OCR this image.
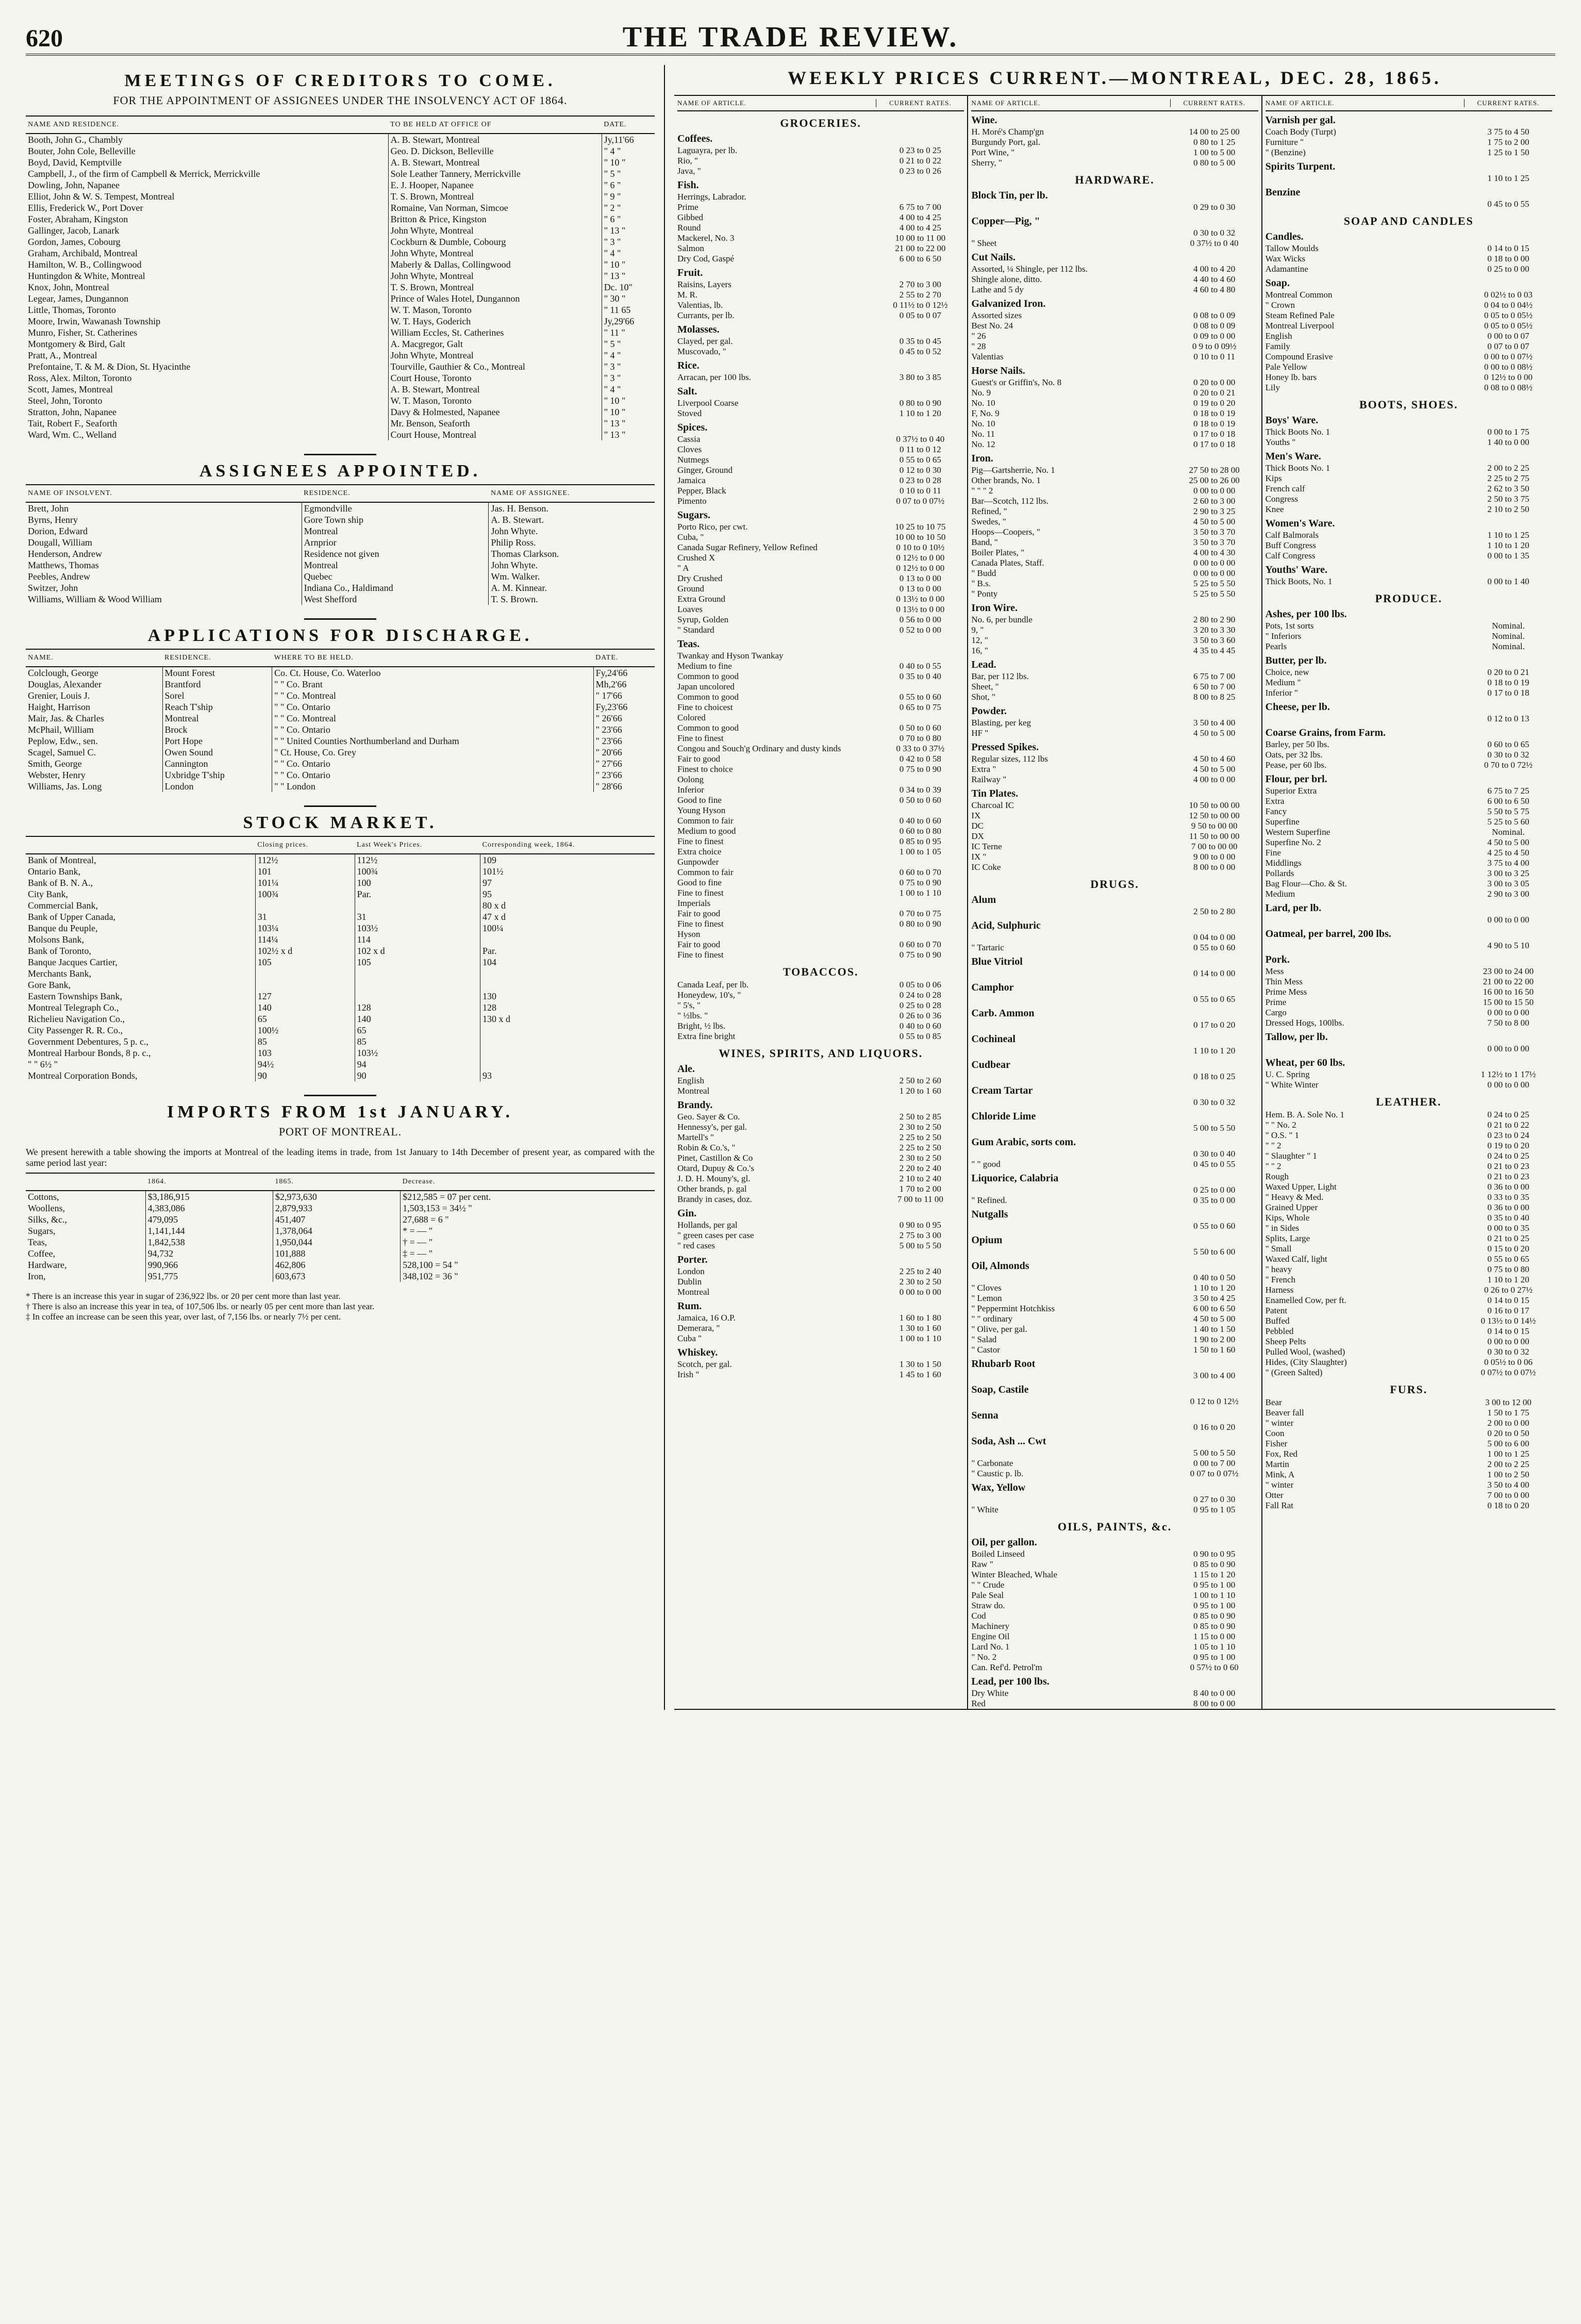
620	THE TRADE REVIEW.
MEETINGS OF CREDITORS TO COME.
FOR THE APPOINTMENT OF ASSIGNEES UNDER THE INSOLVENCY ACT OF 1864.
NAME AND RESIDENCE.	TO BE HELD AT OFFICE OF	DATE.
Booth, John G., Chambly	A. B. Stewart, Montreal	Jy,11'66
Bouter, John Cole, Belleville	Geo. D. Dickson, Belleville	" 4 "
Boyd, David, Kemptville	A. B. Stewart, Montreal	" 10 "
Campbell, J., of the firm of Campbell & Merrick, Merrickville	Sole Leather Tannery, Merrickville	" 5 "
Dowling, John, Napanee	E. J. Hooper, Napanee	" 6 "
Elliot, John & W. S. Tempest, Montreal	T. S. Brown, Montreal	" 9 "
Ellis, Frederick W., Port Dover	Romaine, Van Norman, Simcoe	" 2 "
Foster, Abraham, Kingston	Britton & Price, Kingston	" 6 "
Gallinger, Jacob, Lanark	John Whyte, Montreal	" 13 "
Gordon, James, Cobourg	Cockburn & Dumble, Cobourg	" 3 "
Graham, Archibald, Montreal	John Whyte, Montreal	" 4 "
Hamilton, W. B., Collingwood	Maberly & Dallas, Collingwood	" 10 "
Huntingdon & White, Montreal	John Whyte, Montreal	" 13 "
Knox, John, Montreal	T. S. Brown, Montreal	Dc. 10"
Legear, James, Dungannon	Prince of Wales Hotel, Dungannon	" 30 "
Little, Thomas, Toronto	W. T. Mason, Toronto	" 11 65
Moore, Irwin, Wawanash Township	W. T. Hays, Goderich	Jy,29'66
Munro, Fisher, St. Catherines	William Eccles, St. Catherines	" 11 "
Montgomery & Bird, Galt	A. Macgregor, Galt	" 5 "
Pratt, A., Montreal	John Whyte, Montreal	" 4 "
Prefontaine, T. & M. & Dion, St. Hyacinthe	Tourville, Gauthier & Co., Montreal	" 3 "
Ross, Alex. Milton, Toronto	Court House, Toronto	" 3 "
Scott, James, Montreal	A. B. Stewart, Montreal	" 4 "
Steel, John, Toronto	W. T. Mason, Toronto	" 10 "
Stratton, John, Napanee	Davy & Holmested, Napanee	" 10 "
Tait, Robert F., Seaforth	Mr. Benson, Seaforth	" 13 "
Ward, Wm. C., Welland	Court House, Montreal	" 13 "
ASSIGNEES APPOINTED.
NAME OF INSOLVENT.	RESIDENCE.	NAME OF ASSIGNEE.
Brett, John	Egmondville	Jas. H. Benson.
Byrns, Henry	Gore Town ship	A. B. Stewart.
Dorion, Edward	Montreal	John Whyte.
Dougall, William	Arnprior	Philip Ross.
Henderson, Andrew	Residence not given	Thomas Clarkson.
Matthews, Thomas	Montreal	John Whyte.
Peebles, Andrew	Quebec	Wm. Walker.
Switzer, John	Indiana Co., Haldimand	A. M. Kinnear.
Williams, William & Wood William	West Shefford	T. S. Brown.
APPLICATIONS FOR DISCHARGE.
NAME.	RESIDENCE.	WHERE TO BE HELD.	DATE.
Colclough, George	Mount Forest	Co. Ct. House, Co. Waterloo	Fy,24'66
Douglas, Alexander	Brantford	" " Co. Brant	Mh,2'66
Grenier, Louis J.	Sorel	" " Co. Montreal	" 17'66
Haight, Harrison	Reach T'ship	" " Co. Ontario	Fy,23'66
Mair, Jas. & Charles	Montreal	" " Co. Montreal	" 26'66
McPhail, William	Brock	" " Co. Ontario	" 23'66
Peplow, Edw., sen.	Port Hope	" " United Counties Northumberland and Durham	" 23'66
Scagel, Samuel C.	Owen Sound	" Ct. House, Co. Grey	" 20'66
Smith, George	Cannington	" " Co. Ontario	" 27'66
Webster, Henry	Uxbridge T'ship	" " Co. Ontario	" 23'66
Williams, Jas. Long	London	" " London	" 28'66
STOCK MARKET.
	Closing prices.	Last Week's Prices.	Corresponding week, 1864.
Bank of Montreal,	112½	112½	109
Ontario Bank,	101	100¾	101½
Bank of B. N. A.,	101¼	100	97
City Bank,	100¾	Par.	95
Commercial Bank,			80 x d
Bank of Upper Canada,	31	31	47 x d
Banque du Peuple,	103¼	103½	100¼
Molsons Bank,	114¼	114	
Bank of Toronto,	102½ x d	102 x d	Par.
Banque Jacques Cartier,	105	105	104
Merchants Bank,			
Gore Bank,			
Eastern Townships Bank,	127		130
Montreal Telegraph Co.,	140	128	128
Richelieu Navigation Co.,	65	140	130 x d
City Passenger R. R. Co.,	100½	65	
Government Debentures, 5 p. c.,	85	85	
Montreal Harbour Bonds, 8 p. c.,	103	103½	
" " 6½ "	94½	94	
Montreal Corporation Bonds,	90	90	93
IMPORTS FROM 1st JANUARY.
PORT OF MONTREAL.
We present herewith a table showing the imports at Montreal of the leading items in trade, from 1st January to 14th December of present year, as compared with the same period last year:
	1864.	1865.	Decrease.
Cottons,	$3,186,915	$2,973,630	$212,585 = 07 per cent.
Woollens,	4,383,086	2,879,933	1,503,153 = 34½ "
Silks, &c.,	479,095	451,407	27,688 = 6 "
Sugars,	1,141,144	1,378,064	* = — "
Teas,	1,842,538	1,950,044	† = — "
Coffee,	94,732	101,888	‡ = — "
Hardware,	990,966	462,806	528,100 = 54 "
Iron,	951,775	603,673	348,102 = 36 "
* There is an increase this year in sugar of 236,922 lbs. or 20 per cent more than last year.
† There is also an increase this year in tea, of 107,506 lbs. or nearly 05 per cent more than last year.
‡ In coffee an increase can be seen this year, over last, of 7,156 lbs. or nearly 7½ per cent.
WEEKLY PRICES CURRENT.—MONTREAL, DEC. 28, 1865.
NAME OF ARTICLE.	CURRENT RATES.
GROCERIES.
Coffees.
Laguayra, per lb.	0 23 to 0 25
Rio, "	0 21 to 0 22
Java, "	0 23 to 0 26
Fish.
Herrings, Labrador.
Prime	6 75 to 7 00
Gibbed	4 00 to 4 25
Round	4 00 to 4 25
Mackerel, No. 3	10 00 to 11 00
Salmon	21 00 to 22 00
Dry Cod, Gaspé	6 00 to 6 50
Fruit.
Raisins, Layers	2 70 to 3 00
M. R.	2 55 to 2 70
Valentias, lb.	0 11½ to 0 12½
Currants, per lb.	0 05 to 0 07
Molasses.
Clayed, per gal.	0 35 to 0 45
Muscovado, "	0 45 to 0 52
Rice.
Arracan, per 100 lbs.	3 80 to 3 85
Salt.
Liverpool Coarse	0 80 to 0 90
Stoved	1 10 to 1 20
Spices.
Cassia	0 37½ to 0 40
Cloves	0 11 to 0 12
Nutmegs	0 55 to 0 65
Ginger, Ground	0 12 to 0 30
Jamaica	0 23 to 0 28
Pepper, Black	0 10 to 0 11
Pimento	0 07 to 0 07½
Sugars.
Porto Rico, per cwt.	10 25 to 10 75
Cuba, "	10 00 to 10 50
Canada Sugar Refinery, Yellow Refined	0 10 to 0 10½
Crushed X	0 12½ to 0 00
" A	0 12½ to 0 00
Dry Crushed	0 13 to 0 00
Ground	0 13 to 0 00
Extra Ground	0 13½ to 0 00
Loaves	0 13½ to 0 00
Syrup, Golden	0 56 to 0 00
" Standard	0 52 to 0 00
Teas.
Twankay and Hyson Twankay
Medium to fine	0 40 to 0 55
Common to good	0 35 to 0 40
Japan uncolored
Common to good	0 55 to 0 60
Fine to choicest	0 65 to 0 75
Colored
Common to good	0 50 to 0 60
Fine to finest	0 70 to 0 80
Congou and Souch'g Ordinary and dusty kinds	0 33 to 0 37½
Fair to good	0 42 to 0 58
Finest to choice	0 75 to 0 90
Oolong
Inferior	0 34 to 0 39
Good to fine	0 50 to 0 60
Young Hyson
Common to fair	0 40 to 0 60
Medium to good	0 60 to 0 80
Fine to finest	0 85 to 0 95
Extra choice	1 00 to 1 05
Gunpowder
Common to fair	0 60 to 0 70
Good to fine	0 75 to 0 90
Fine to finest	1 00 to 1 10
Imperials
Fair to good	0 70 to 0 75
Fine to finest	0 80 to 0 90
Hyson
Fair to good	0 60 to 0 70
Fine to finest	0 75 to 0 90
TOBACCOS.
Canada Leaf, per lb.	0 05 to 0 06
Honeydew, 10's, "	0 24 to 0 28
" 5's, "	0 25 to 0 28
" ½lbs. "	0 26 to 0 36
Bright, ½ lbs.	0 40 to 0 60
Extra fine bright	0 55 to 0 85
WINES, SPIRITS, AND LIQUORS.
Ale.
English	2 50 to 2 60
Montreal	1 20 to 1 60
Brandy.
Geo. Sayer & Co.	2 50 to 2 85
Hennessy's, per gal.	2 30 to 2 50
Martell's "	2 25 to 2 50
Robin & Co.'s, "	2 25 to 2 50
Pinet, Castillon & Co	2 30 to 2 50
Otard, Dupuy & Co.'s	2 20 to 2 40
J. D. H. Mouny's, gl.	2 10 to 2 40
Other brands, p. gal	1 70 to 2 00
Brandy in cases, doz.	7 00 to 11 00
Gin.
Hollands, per gal	0 90 to 0 95
" green cases per case	2 75 to 3 00
" red cases	5 00 to 5 50
Porter.
London	2 25 to 2 40
Dublin	2 30 to 2 50
Montreal	0 00 to 0 00
Rum.
Jamaica, 16 O.P.	1 60 to 1 80
Demerara, "	1 30 to 1 60
Cuba "	1 00 to 1 10
Whiskey.
Scotch, per gal.	1 30 to 1 50
Irish "	1 45 to 1 60
NAME OF ARTICLE.	CURRENT RATES.
Wine.
H. Moré's Champ'gn	14 00 to 25 00
Burgundy Port, gal.	0 80 to 1 25
Port Wine, "	1 00 to 5 00
Sherry, "	0 80 to 5 00
HARDWARE.
Block Tin, per lb.
0 29 to 0 30
Copper—Pig, "
0 30 to 0 32
" Sheet	0 37½ to 0 40
Cut Nails.
Assorted, ¼ Shingle, per 112 lbs.	4 00 to 4 20
Shingle alone, ditto.	4 40 to 4 60
Lathe and 5 dy	4 60 to 4 80
Galvanized Iron.
Assorted sizes	0 08 to 0 09
Best No. 24	0 08 to 0 09
" 26	0 09 to 0 00
" 28	0 9 to 0 09½
Valentias	0 10 to 0 11
Horse Nails.
Guest's or Griffin's, No. 8	0 20 to 0 00
No. 9	0 20 to 0 21
No. 10	0 19 to 0 20
F, No. 9	0 18 to 0 19
No. 10	0 18 to 0 19
No. 11	0 17 to 0 18
No. 12	0 17 to 0 18
Iron.
Pig—Gartsherrie, No. 1	27 50 to 28 00
Other brands, No. 1	25 00 to 26 00
" " " 2	0 00 to 0 00
Bar—Scotch, 112 lbs.	2 60 to 3 00
Refined, "	2 90 to 3 25
Swedes, "	4 50 to 5 00
Hoops—Coopers, "	3 50 to 3 70
Band, "	3 50 to 3 70
Boiler Plates, "	4 00 to 4 30
Canada Plates, Staff.	0 00 to 0 00
" Budd	0 00 to 0 00
" B.s.	5 25 to 5 50
" Ponty	5 25 to 5 50
Iron Wire.
No. 6, per bundle	2 80 to 2 90
9, "	3 20 to 3 30
12, "	3 50 to 3 60
16, "	4 35 to 4 45
Lead.
Bar, per 112 lbs.	6 75 to 7 00
Sheet, "	6 50 to 7 00
Shot, "	8 00 to 8 25
Powder.
Blasting, per keg	3 50 to 4 00
HF "	4 50 to 5 00
Pressed Spikes.
Regular sizes, 112 lbs	4 50 to 4 60
Extra "	4 50 to 5 00
Railway "	4 00 to 0 00
Tin Plates.
Charcoal IC	10 50 to 00 00
IX	12 50 to 00 00
DC	9 50 to 00 00
DX	11 50 to 00 00
IC Terne	7 00 to 00 00
IX "	9 00 to 0 00
IC Coke	8 00 to 0 00
DRUGS.
Alum
2 50 to 2 80
Acid, Sulphuric
0 04 to 0 00
" Tartaric	0 55 to 0 60
Blue Vitriol
0 14 to 0 00
Camphor
0 55 to 0 65
Carb. Ammon
0 17 to 0 20
Cochineal
1 10 to 1 20
Cudbear
0 18 to 0 25
Cream Tartar
0 30 to 0 32
Chloride Lime
5 00 to 5 50
Gum Arabic, sorts com.
0 30 to 0 40
" " good	0 45 to 0 55
Liquorice, Calabria
0 25 to 0 00
" Refined.	0 35 to 0 00
Nutgalls
0 55 to 0 60
Opium
5 50 to 6 00
Oil, Almonds
0 40 to 0 50
" Cloves	1 10 to 1 20
" Lemon	3 50 to 4 25
" Peppermint Hotchkiss	6 00 to 6 50
" " ordinary	4 50 to 5 00
" Olive, per gal.	1 40 to 1 50
" Salad	1 90 to 2 00
" Castor	1 50 to 1 60
Rhubarb Root
3 00 to 4 00
Soap, Castile
0 12 to 0 12½
Senna
0 16 to 0 20
Soda, Ash ... Cwt
5 00 to 5 50
" Carbonate	0 00 to 7 00
" Caustic p. lb.	0 07 to 0 07½
Wax, Yellow
0 27 to 0 30
" White	0 95 to 1 05
OILS, PAINTS, &c.
Oil, per gallon.
Boiled Linseed	0 90 to 0 95
Raw "	0 85 to 0 90
Winter Bleached, Whale	1 15 to 1 20
" " Crude	0 95 to 1 00
Pale Seal	1 00 to 1 10
Straw do.	0 95 to 1 00
Cod	0 85 to 0 90
Machinery	0 85 to 0 90
Engine Oil	1 15 to 0 00
Lard No. 1	1 05 to 1 10
" No. 2	0 95 to 1 00
Can. Ref'd. Petrol'm	0 57½ to 0 60
Lead, per 100 lbs.
Dry White	8 40 to 0 00
Red	8 00 to 0 00
NAME OF ARTICLE.	CURRENT RATES.
Varnish per gal.
Coach Body (Turpt)	3 75 to 4 50
Furniture "	1 75 to 2 00
" (Benzine)	1 25 to 1 50
Spirits Turpent.
1 10 to 1 25
Benzine
0 45 to 0 55
SOAP AND CANDLES
Candles.
Tallow Moulds	0 14 to 0 15
Wax Wicks	0 18 to 0 00
Adamantine	0 25 to 0 00
Soap.
Montreal Common	0 02½ to 0 03
" Crown	0 04 to 0 04½
Steam Refined Pale	0 05 to 0 05½
Montreal Liverpool	0 05 to 0 05½
English	0 00 to 0 07
Family	0 07 to 0 07
Compound Erasive	0 00 to 0 07½
Pale Yellow	0 00 to 0 08½
Honey lb. bars	0 12½ to 0 00
Lily	0 08 to 0 08½
BOOTS, SHOES.
Boys' Ware.
Thick Boots No. 1	0 00 to 1 75
Youths "	1 40 to 0 00
Men's Ware.
Thick Boots No. 1	2 00 to 2 25
Kips	2 25 to 2 75
French calf	2 62 to 3 50
Congress	2 50 to 3 75
Knee	2 10 to 2 50
Women's Ware.
Calf Balmorals	1 10 to 1 25
Buff Congress	1 10 to 1 20
Calf Congress	0 00 to 1 35
Youths' Ware.
Thick Boots, No. 1	0 00 to 1 40
PRODUCE.
Ashes, per 100 lbs.
Pots, 1st sorts	Nominal.
" Inferiors	Nominal.
Pearls	Nominal.
Butter, per lb.
Choice, new	0 20 to 0 21
Medium "	0 18 to 0 19
Inferior "	0 17 to 0 18
Cheese, per lb.
0 12 to 0 13
Coarse Grains, from Farm.
Barley, per 50 lbs.	0 60 to 0 65
Oats, per 32 lbs.	0 30 to 0 32
Pease, per 60 lbs.	0 70 to 0 72½
Flour, per brl.
Superior Extra	6 75 to 7 25
Extra	6 00 to 6 50
Fancy	5 50 to 5 75
Superfine	5 25 to 5 60
Western Superfine	Nominal.
Superfine No. 2	4 50 to 5 00
Fine	4 25 to 4 50
Middlings	3 75 to 4 00
Pollards	3 00 to 3 25
Bag Flour—Cho. & St.	3 00 to 3 05
Medium	2 90 to 3 00
Lard, per lb.
0 00 to 0 00
Oatmeal, per barrel, 200 lbs.
4 90 to 5 10
Pork.
Mess	23 00 to 24 00
Thin Mess	21 00 to 22 00
Prime Mess	16 00 to 16 50
Prime	15 00 to 15 50
Cargo	0 00 to 0 00
Dressed Hogs, 100lbs.	7 50 to 8 00
Tallow, per lb.
0 00 to 0 00
Wheat, per 60 lbs.
U. C. Spring	1 12½ to 1 17½
" White Winter	0 00 to 0 00
LEATHER.
Hem. B. A. Sole No. 1	0 24 to 0 25
" " No. 2	0 21 to 0 22
" O.S. " 1	0 23 to 0 24
" " 2	0 19 to 0 20
" Slaughter " 1	0 24 to 0 25
" " 2	0 21 to 0 23
Rough	0 21 to 0 23
Waxed Upper, Light	0 36 to 0 00
" Heavy & Med.	0 33 to 0 35
Grained Upper	0 36 to 0 00
Kips, Whole	0 35 to 0 40
" in Sides	0 00 to 0 35
Splits, Large	0 21 to 0 25
" Small	0 15 to 0 20
Waxed Calf, light	0 55 to 0 65
" heavy	0 75 to 0 80
" French	1 10 to 1 20
Harness	0 26 to 0 27½
Enamelled Cow, per ft.	0 14 to 0 15
Patent	0 16 to 0 17
Buffed	0 13½ to 0 14½
Pebbled	0 14 to 0 15
Sheep Pelts	0 00 to 0 00
Pulled Wool, (washed)	0 30 to 0 32
Hides, (City Slaughter)	0 05½ to 0 06
" (Green Salted)	0 07½ to 0 07½
FURS.
Bear	3 00 to 12 00
Beaver fall	1 50 to 1 75
" winter	2 00 to 0 00
Coon	0 20 to 0 50
Fisher	5 00 to 6 00
Fox, Red	1 00 to 1 25
Martin	2 00 to 2 25
Mink, A	1 00 to 2 50
" winter	3 50 to 4 00
Otter	7 00 to 0 00
Fall Rat	0 18 to 0 20
